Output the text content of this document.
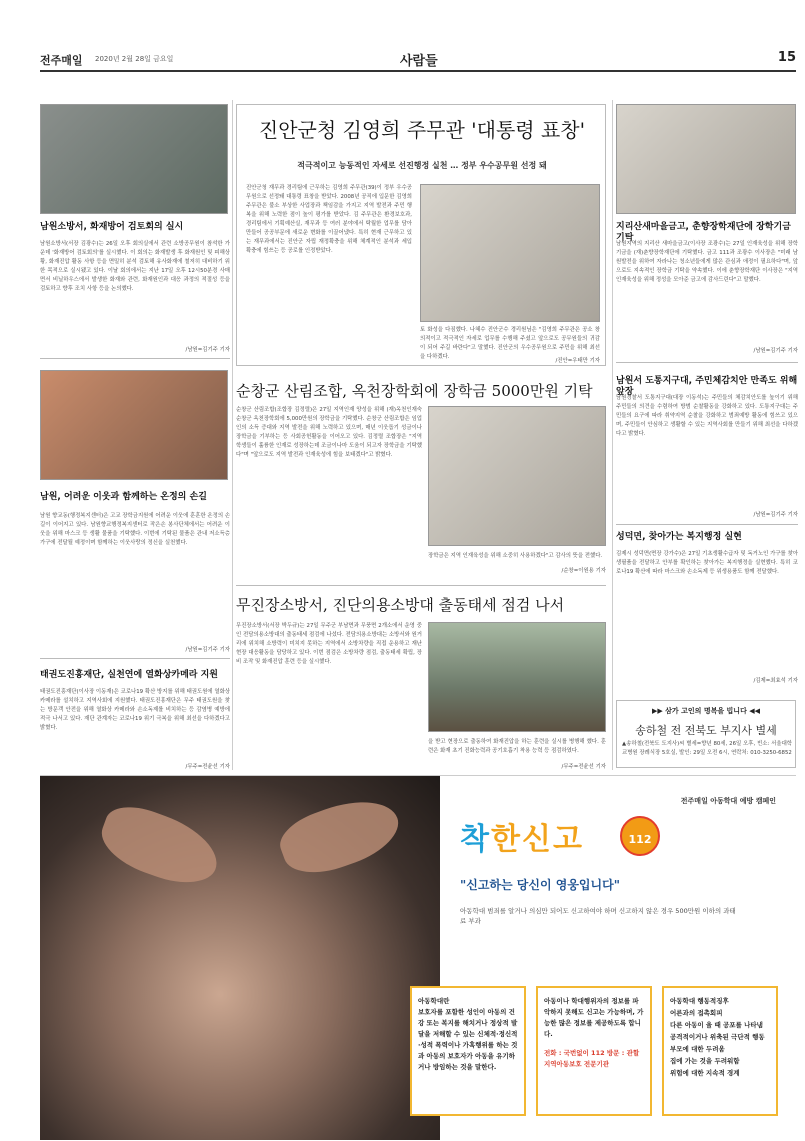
전주매일 2020년 2월 28일 금요일	사람들	15
남원소방서, 화재방어 검토회의 실시
남원소방서(서장 김광수)는 26일 오후 회의실에서 관련 소방공무원이 참석한 가운데 '화재방어 검토회의'를 실시했다. 이 회의는 화재발생 후 화재원인 및 피해상황, 화재진압 활동 사항 등을 면밀히 분석 검토해 유사화재에 철저히 대비하기 위한 목적으로 실시됐고 있다. 이날 회의에서는 지난 17일 오후 12시50분경 사매면서 비닐하우스에서 발생한 화재와 관련, 화재원인과 대응 과정의 적절성 등을 검토하고 향후 조치 사항 등을 논의했다.
/남원=김기주 기자
남원, 어려운 이웃과 함께하는 온정의 손길
남원 향교동(행정복지센터)은 고교 장학금지원에 어려운 이웃에 훈훈한 온정의 손길이 이어지고 있다. 남원향교행정복지센터로 작은손 봉사단체에서는 어려운 이웃을 위해 마스크 등 생활 물품을 기탁했다. 이번에 기탁된 물품은 관내 저소득층 가구에 전달될 예정이며 함께하는 이웃사랑의 정신을 실천했다.
/남원=김기주 기자
태권도진흥재단, 실천연에 열화상카메라 지원
태권도진흥재단(이사장 이동재)은 코로나19 확산 방지를 위해 태권도원에 열화상 카메라를 설치하고 지역사회에 지원했다. 태권도진흥재단은 무주 태권도원을 찾는 방문객 안전을 위해 열화상 카메라와 손소독제를 비치하는 등 감염병 예방에 적극 나서고 있다. 재단 관계자는 코로나19 위기 극복을 위해 최선을 다하겠다고 밝혔다.
/무주=전윤선 기자
진안군청 김영희 주무관 '대통령 표창'
적극적이고 능동적인 자세로 선진행정 실천 … 정부 우수공무원 선정 돼
진안군청 재무과 경리팀에 근무하는 김영희 주무관(39)이 정부 우수공무원으로 선정돼 대통령 표창을 받았다. 2008년 공직에 입문한 김영희 주무관은 불소 부상한 사업장과 책임감을 가지고 지역 발전과 주민 행복을 위해 노력한 점이 높이 평가를 받았다. 김 주무관은 환경보호과, 경리팀에서 기획예산실, 재무과 등 여러 분야에서 탁월한 업무를 담아 만들어 공공부문에 새로운 변화를 이끌어냈다. 특히 현재 근무하고 있는 재무과에서는 진안군 자립 재정확충을 위해 체계적인 분석과 세입 확충에 힘쓰는 등 공로를 인정받았다.
토 화성을 다짐했다. 나혜수 진안군수 경리원님은 "김영희 주무관은 공소 창의적이고 적극적인 자세로 업무를 수행해 주셨고 앞으로도 공무원들의 귀감이 되어 주길 바란다"고 말했다. 진안군의 우수공무원으로 주민을 위해 최선을 다하겠다.
/진안=우태만 기자
순창군 산림조합, 옥천장학회에 장학금 5000만원 기탁
순창군 산림조합(조합장 김정렬)은 27일 지역인재 양성을 위해 (재)옥천인재숙 순창군 옥천장학회에 5,000만원의 장학금을 기탁했다. 순창군 산림조합은 임업인의 소득 증대와 지역 발전을 위해 노력하고 있으며, 매년 이웃돕기 성금이나 장학금을 기부하는 등 사회공헌활동을 이어오고 있다. 김정렬 조합장은 "지역 학생들이 훌륭한 인재로 성장하는데 조금이나마 도움이 되고자 장학금을 기탁했다"며 "앞으로도 지역 발전과 인재육성에 힘을 보태겠다"고 밝혔다.
장학금은 지역 인재육성을 위해 소중히 사용하겠다"고 감사의 뜻을 전했다.
/순창=이원용 기자
무진장소방서, 진단의용소방대 출동태세 점검 나서
무진장소방서(서장 박두규)는 27일 무주군 부남면과 무풍면 2개소에서 운영 중인 전담의용소방대의 출동태세 점검에 나섰다. 전담의용소방대는 소방서와 원거리에 위치해 소방력이 미치지 못하는 지역에서 소방차량을 직접 운용하고 재난 현장 대응활동을 담당하고 있다. 이번 점검은 소방차량 점검, 출동태세 확립, 장비 조작 및 화재진압 훈련 등을 실시했다.
을 받고 현장으로 출동하여 화재진압을 하는 훈련을 실시를 병행해 했다. 훈련은 화재 초기 진화능력과 공기호흡기 착용 능력 등 점검하였다.
/무주=전윤선 기자
지리산새마을금고, 춘향장학재단에 장학기금 기탁
남원지역의 지리산 새마을금고(이사장 조광수)는 27일 인재육성을 위해 장학기금을 (재)춘향장학재단에 기탁했다. 금고 111과 조광수 이사장은 "미래 남원발전을 위하여 자라나는 청소년들에게 많은 관심과 애정이 필요하다"며, 앞으로도 지속적인 장학금 기탁을 약속했다. 이에 춘향장학재단 이사장은 "지역 인재육성을 위해 정성을 모아준 금고에 감사드린다"고 말했다.
/남원=김기주 기자
남원서 도통지구대, 주민체감치안 만족도 위해 앞장
남원경찰서 도통지구대(대장 이동석)는 주민들의 체감치안도를 높이기 위해 주민들의 의견을 수렴하여 방범 순찰활동을 강화하고 있다. 도통지구대는 주민들의 요구에 따라 취약지역 순찰을 강화하고 범죄예방 활동에 힘쓰고 있으며, 주민들이 안심하고 생활할 수 있는 지역사회를 만들기 위해 최선을 다하겠다고 밝혔다.
/남원=김기주 기자
성덕면, 찾아가는 복지행정 실현
김제시 성덕면(면장 강가수)은 27일 기초생활수급자 및 독거노인 가구를 찾아 생필품을 전달하고 안부를 확인하는 찾아가는 복지행정을 실현했다. 특히 코로나19 확산에 따라 마스크와 손소독제 등 위생용품도 함께 전달했다.
/김제=최효석 기자
▶▶ 삼가 고인의 명복을 빕니다 ◀◀
송하철 전 전북도 부지사 별세
▲송하철(전북도 도지사)씨 별세=향년 80세, 26일 오후, 빈소: 서울대학교병원 장례식장 5호실, 발인: 29일 오전 6시, 연락처: 010-3250-6852
전주매일 아동학대 예방 캠페인
착한신고	112
"신고하는 당신이 영웅입니다"
아동학대 범죄를 알거나 의심만 되어도 신고하여야 하며 신고하지 않은 경우 500만원 이하의 과태료 부과
아동학대란
보호자를 포함한 성인이 아동의 건강 또는 복지를 해치거나 정상적 발달을 저해할 수 있는 신체적·정신적·성적 폭력이나 가혹행위를 하는 것과 아동의 보호자가 아동을 유기하거나 방임하는 것을 말한다.
아동이나 학대행위자의 정보를 파악하지 못해도 신고는 가능하며, 가능한 많은 정보를 제공하도록 합니다.
전화 : 국번없이 112 방문 : 관할 지역아동보호 전문기관
아동학대 행동적징후
어른과의 접촉회피
다른 아동이 울 때 공포를 나타냄
공격적이거나 위축된 극단적 행동
부모에 대한 두려움
집에 가는 것을 두려워함
위험에 대한 지속적 경계
